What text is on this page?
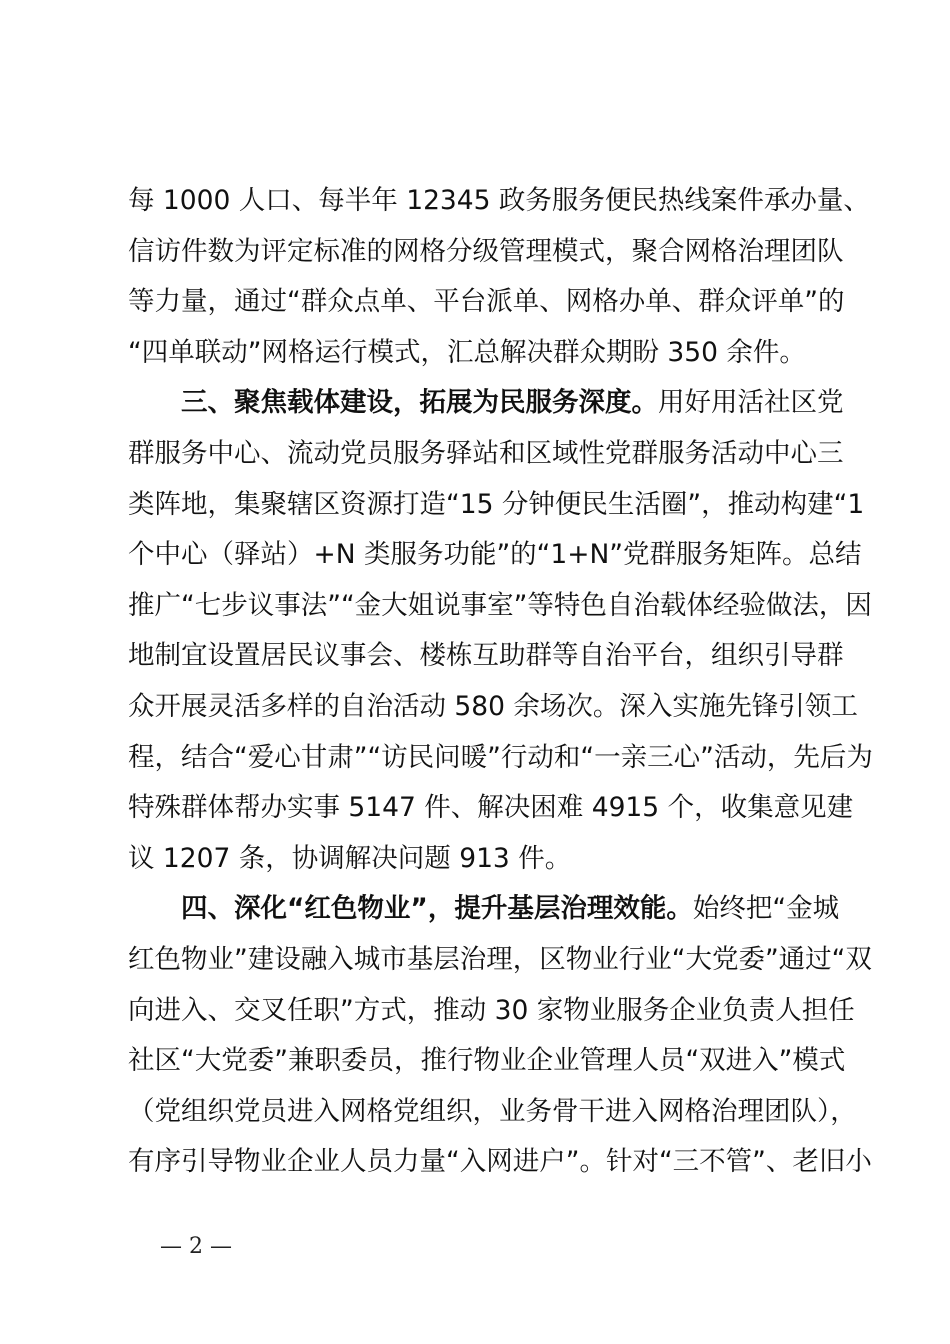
每 1000 人口、每半年 12345 政务服务便民热线案件承办量、
信访件数为评定标准的网格分级管理模式，聚合网格治理团队
等力量，通过“群众点单、平台派单、网格办单、群众评单”的
“四单联动”网格运行模式，汇总解决群众期盼 350 余件。
三、聚焦载体建设，拓展为民服务深度。用好用活社区党
群服务中心、流动党员服务驿站和区域性党群服务活动中心三
类阵地，集聚辖区资源打造“15 分钟便民生活圈”，推动构建“1
个中心（驿站）+N 类服务功能”的“1+N”党群服务矩阵。总结
推广“七步议事法”“金大姐说事室”等特色自治载体经验做法，因
地制宜设置居民议事会、楼栋互助群等自治平台，组织引导群
众开展灵活多样的自治活动 580 余场次。深入实施先锋引领工
程，结合“爱心甘肃”“访民问暖”行动和“一亲三心”活动，先后为
特殊群体帮办实事 5147 件、解决困难 4915 个，收集意见建
议 1207 条，协调解决问题 913 件。
四、深化“红色物业”，提升基层治理效能。始终把“金城
红色物业”建设融入城市基层治理，区物业行业“大党委”通过“双
向进入、交叉任职”方式，推动 30 家物业服务企业负责人担任
社区“大党委”兼职委员，推行物业企业管理人员“双进入”模式
（党组织党员进入网格党组织，业务骨干进入网格治理团队），
有序引导物业企业人员力量“入网进户”。针对“三不管”、老旧小
— 2 —
